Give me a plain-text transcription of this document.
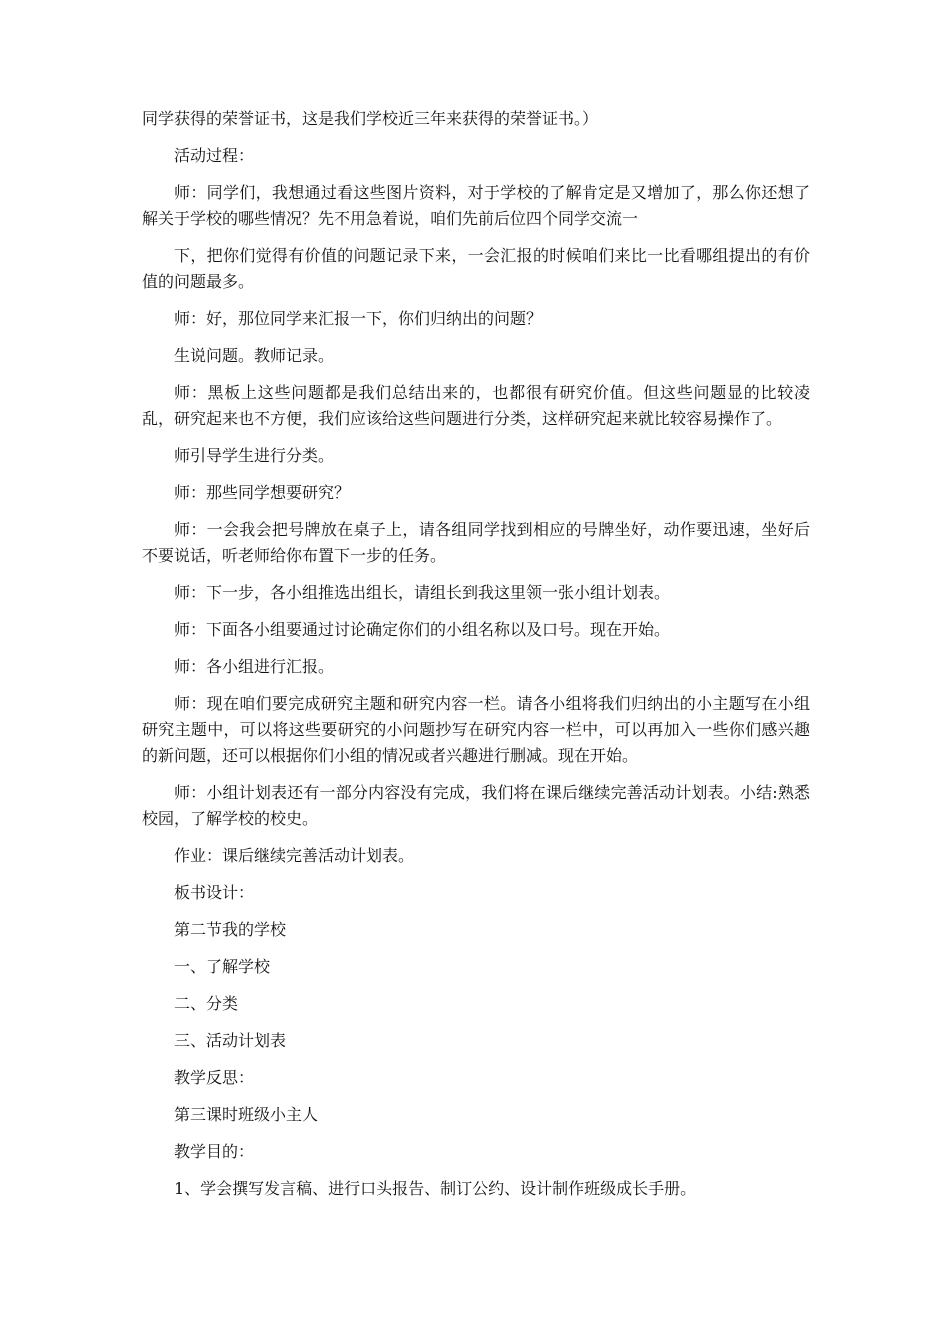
同学获得的荣誉证书，这是我们学校近三年来获得的荣誉证书。）

活动过程：

师：同学们，我想通过看这些图片资料，对于学校的了解肯定是又增加了，那么你还想了解关于学校的哪些情况？先不用急着说，咱们先前后位四个同学交流一

下，把你们觉得有价值的问题记录下来，一会汇报的时候咱们来比一比看哪组提出的有价值的问题最多。

师：好，那位同学来汇报一下，你们归纳出的问题？

生说问题。教师记录。

师：黑板上这些问题都是我们总结出来的，也都很有研究价值。但这些问题显的比较凌乱，研究起来也不方便，我们应该给这些问题进行分类，这样研究起来就比较容易操作了。

师引导学生进行分类。

师：那些同学想要研究？

师：一会我会把号牌放在桌子上，请各组同学找到相应的号牌坐好，动作要迅速，坐好后不要说话，听老师给你布置下一步的任务。

师：下一步，各小组推选出组长，请组长到我这里领一张小组计划表。

师：下面各小组要通过讨论确定你们的小组名称以及口号。现在开始。

师：各小组进行汇报。

师：现在咱们要完成研究主题和研究内容一栏。请各小组将我们归纳出的小主题写在小组研究主题中，可以将这些要研究的小问题抄写在研究内容一栏中，可以再加入一些你们感兴趣的新问题，还可以根据你们小组的情况或者兴趣进行删减。现在开始。

师：小组计划表还有一部分内容没有完成，我们将在课后继续完善活动计划表。小结:熟悉校园，了解学校的校史。

作业：课后继续完善活动计划表。

板书设计：

第二节我的学校

一、了解学校

二、分类

三、活动计划表

教学反思：

第三课时班级小主人

教学目的：

1、学会撰写发言稿、进行口头报告、制订公约、设计制作班级成长手册。
